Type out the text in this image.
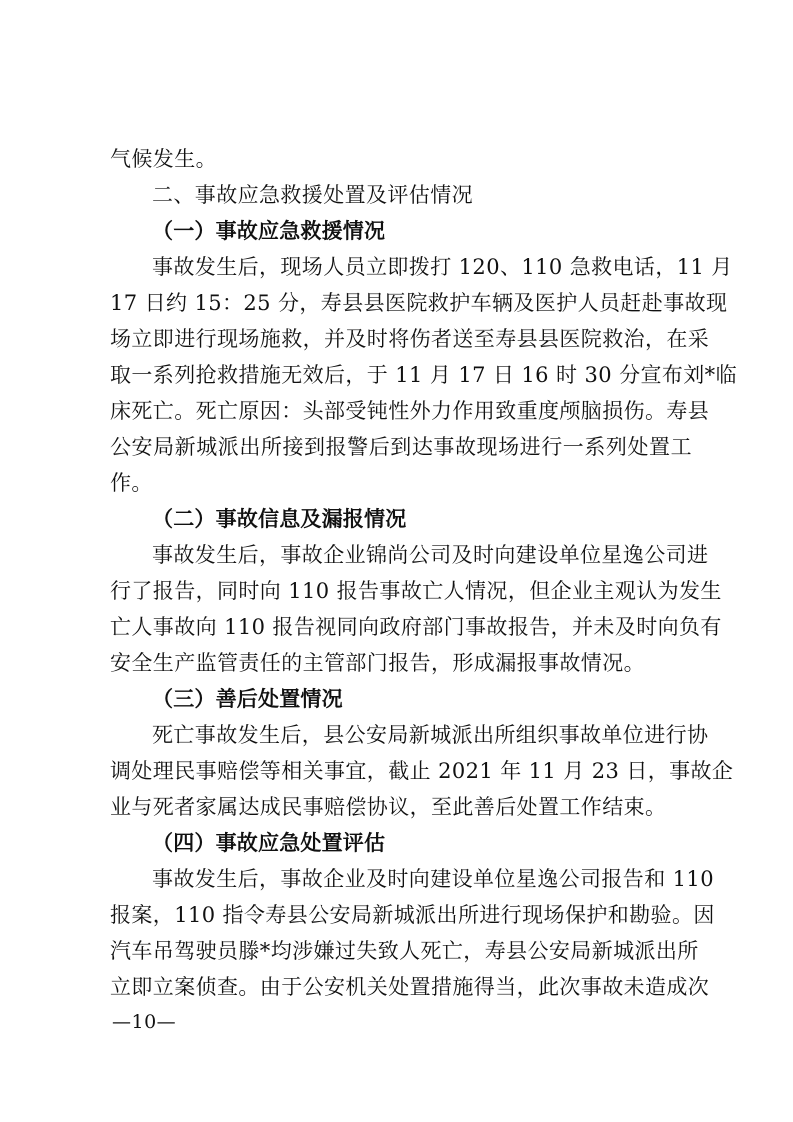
气候发生。
二、事故应急救援处置及评估情况
（一）事故应急救援情况
事故发生后，现场人员立即拨打 120、110 急救电话，11 月
17 日约 15：25 分，寿县县医院救护车辆及医护人员赶赴事故现
场立即进行现场施救，并及时将伤者送至寿县县医院救治，在采
取一系列抢救措施无效后，于 11 月 17 日 16 时 30 分宣布刘*临
床死亡。死亡原因：头部受钝性外力作用致重度颅脑损伤。寿县
公安局新城派出所接到报警后到达事故现场进行一系列处置工
作。
（二）事故信息及漏报情况
事故发生后，事故企业锦尚公司及时向建设单位星逸公司进
行了报告，同时向 110 报告事故亡人情况，但企业主观认为发生
亡人事故向 110 报告视同向政府部门事故报告，并未及时向负有
安全生产监管责任的主管部门报告，形成漏报事故情况。
（三）善后处置情况
死亡事故发生后，县公安局新城派出所组织事故单位进行协
调处理民事赔偿等相关事宜，截止 2021 年 11 月 23 日，事故企
业与死者家属达成民事赔偿协议，至此善后处置工作结束。
（四）事故应急处置评估
事故发生后，事故企业及时向建设单位星逸公司报告和 110
报案，110 指令寿县公安局新城派出所进行现场保护和勘验。因
汽车吊驾驶员滕*均涉嫌过失致人死亡，寿县公安局新城派出所
立即立案侦查。由于公安机关处置措施得当，此次事故未造成次
—10—
